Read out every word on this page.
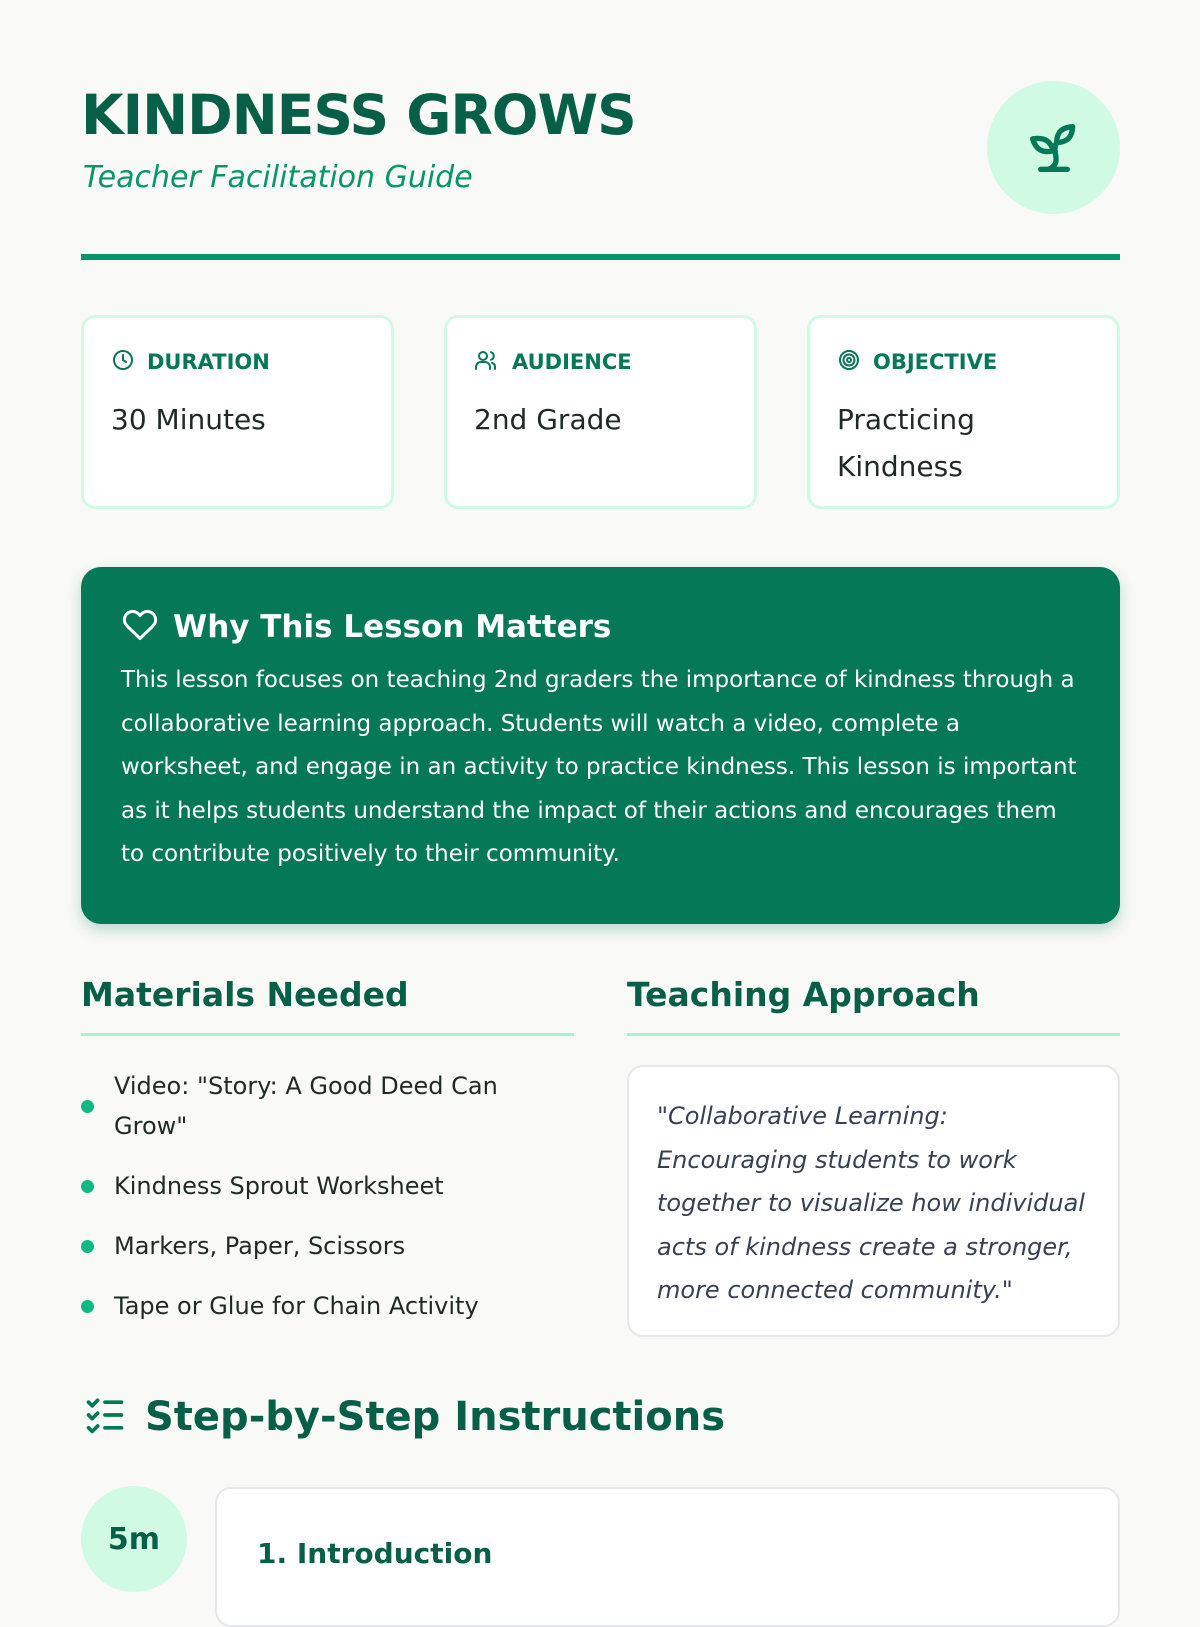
KINDNESS GROWS
Teacher Facilitation Guide
DURATION
30 Minutes
AUDIENCE
2nd Grade
OBJECTIVE
Practicing Kindness
Why This Lesson Matters
This lesson focuses on teaching 2nd graders the importance of kindness through a collaborative learning approach. Students will watch a video, complete a worksheet, and engage in an activity to practice kindness. This lesson is important as it helps students understand the impact of their actions and encourages them to contribute positively to their community.
Materials Needed
Video: "Story: A Good Deed Can Grow"
Kindness Sprout Worksheet
Markers, Paper, Scissors
Tape or Glue for Chain Activity
Teaching Approach
"Collaborative Learning: Encouraging students to work together to visualize how individual acts of kindness create a stronger, more connected community."
Step-by-Step Instructions
5m	1. Introduction
